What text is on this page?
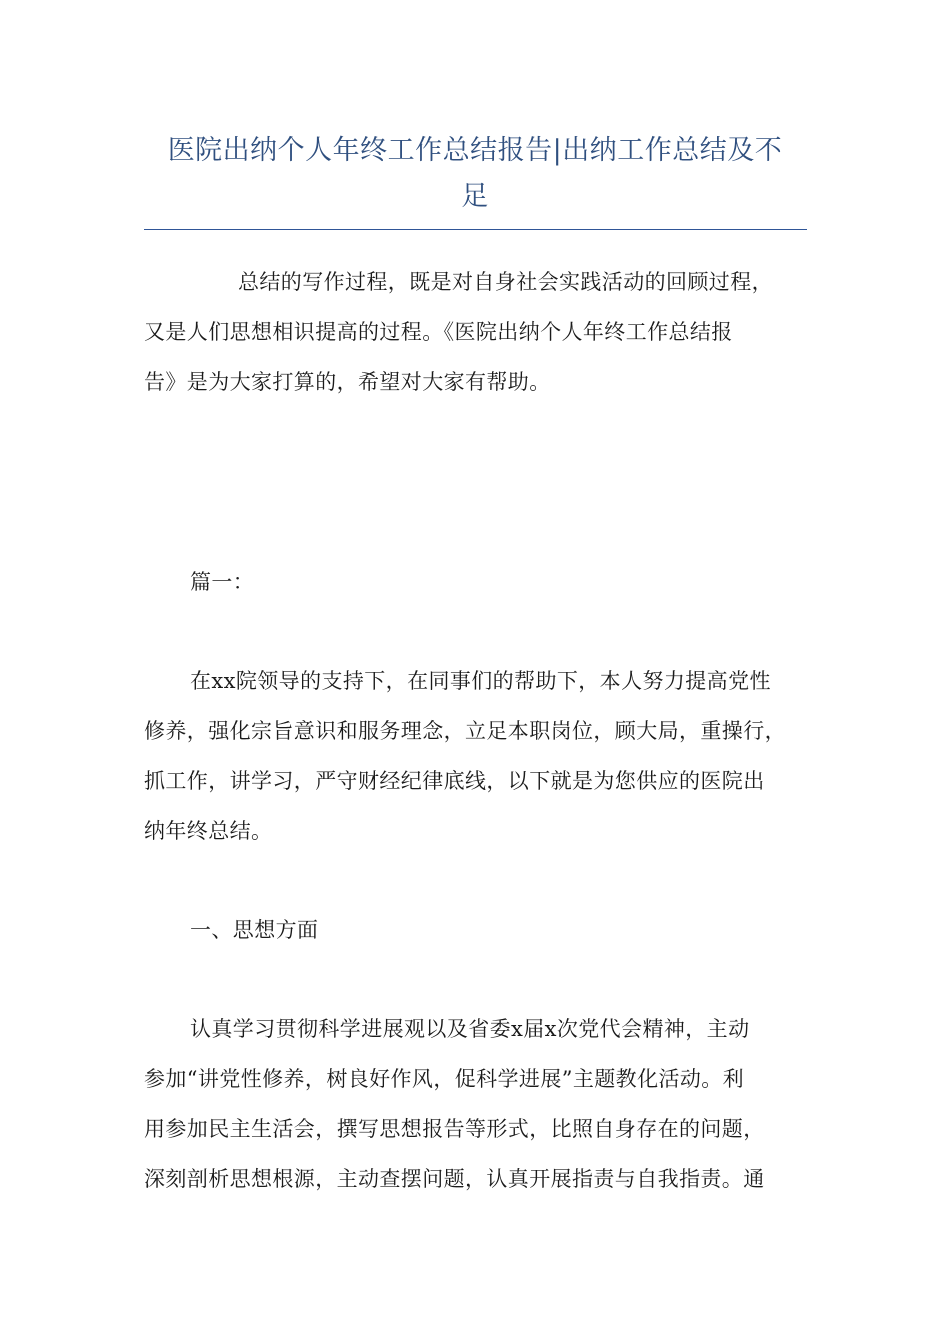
医院出纳个人年终工作总结报告|出纳工作总结及不
足

总结的写作过程，既是对自身社会实践活动的回顾过程，
又是人们思想相识提高的过程。《医院出纳个人年终工作总结报
告》是为大家打算的，希望对大家有帮助。

篇一：

在xx院领导的支持下，在同事们的帮助下，本人努力提高党性
修养，强化宗旨意识和服务理念，立足本职岗位，顾大局，重操行，
抓工作，讲学习，严守财经纪律底线，以下就是为您供应的医院出
纳年终总结。

一、思想方面

认真学习贯彻科学进展观以及省委x届x次党代会精神，主动
参加“讲党性修养，树良好作风，促科学进展”主题教化活动。利
用参加民主生活会，撰写思想报告等形式，比照自身存在的问题，
深刻剖析思想根源，主动查摆问题，认真开展指责与自我指责。通
